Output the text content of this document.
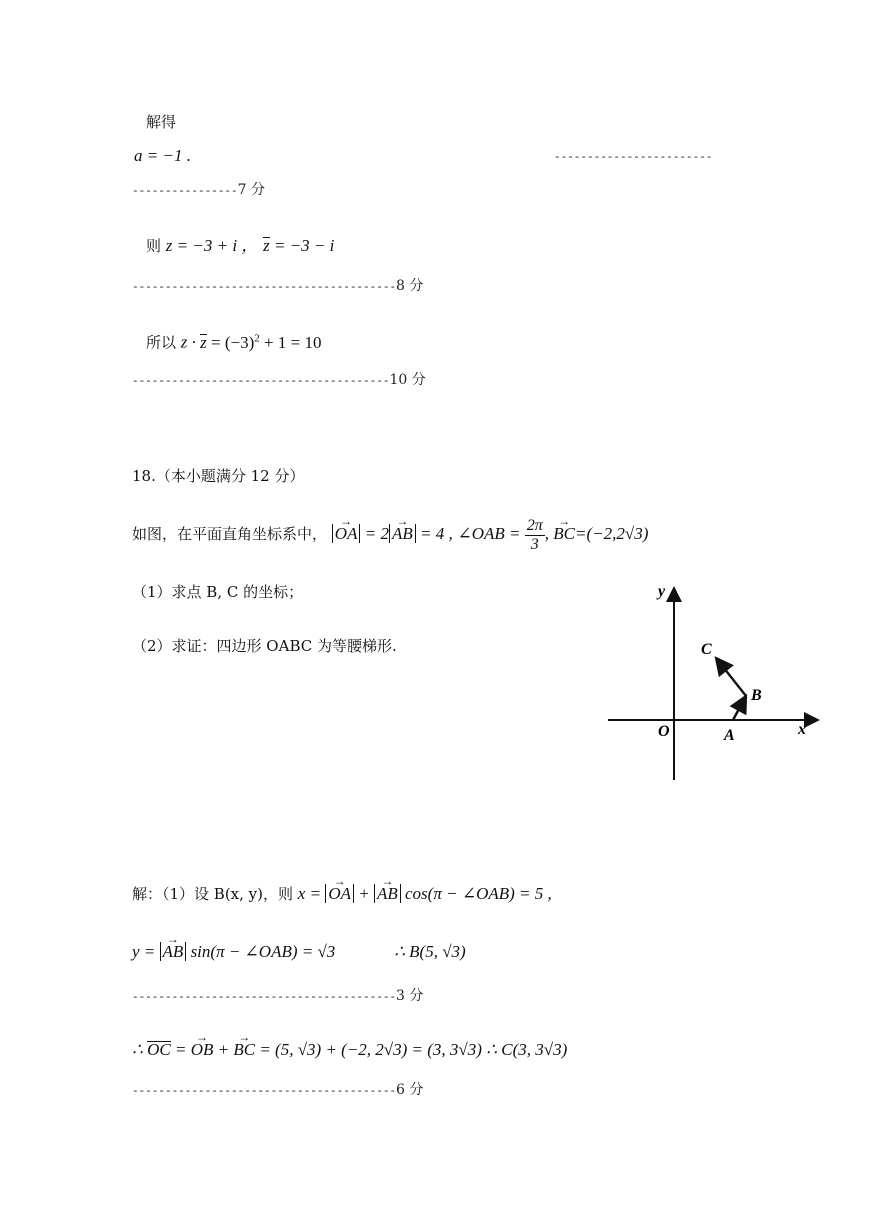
解得
a = −1 .	------------------------
----------------7 分
则 z = −3 + i ， z = −3 − i
----------------------------------------8 分
所以 $z \cdot z = (-3)^2 + 1 = 10$
---------------------------------------10 分
18.（本小题满分 12 分）
如图，在平面直角坐标系中， → OA = 2 → AB = 4 , ∠OAB = $\frac{2\pi}{3}$ , → BC=(−2,2√3)
（1）求点 B, C 的坐标；
（2）求证：四边形 OABC 为等腰梯形.
y
x
O	A
B
C
解：（1）设 B(x, y)，则 x = → OA + → AB cos(π − ∠OAB) = 5 ,
y = → AB sin(π − ∠OAB) = √3	∴ B(5, √3)
----------------------------------------3 分
∴ OC = → OB + → BC = (5, √3) + (−2, 2√3) = (3, 3√3) ∴ C(3, 3√3)
----------------------------------------6 分
